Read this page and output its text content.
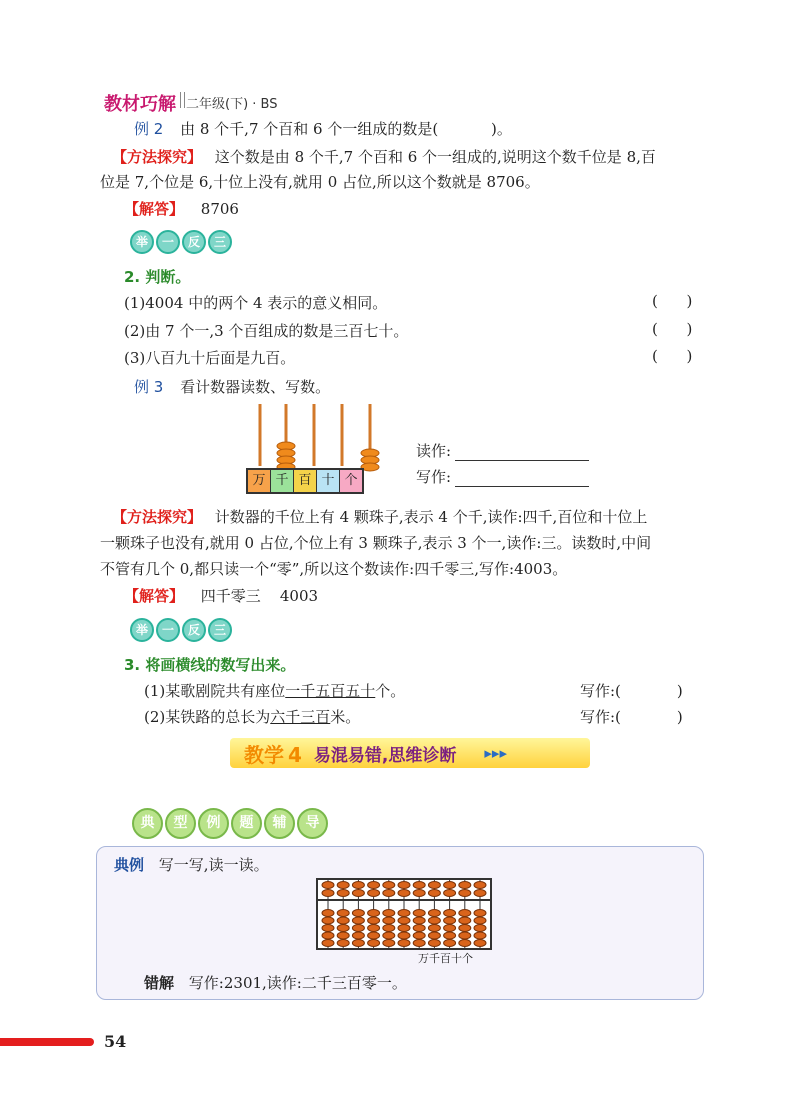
教材巧解 二年级(下) · BS
例 2 由 8 个千,7 个百和 6 个一组成的数是(	)。
【方法探究】 这个数是由 8 个千,7 个百和 6 个一组成的,说明这个数千位是 8,百
位是 7,个位是 6,十位上没有,就用 0 占位,所以这个数就是 8706。
【解答】 8706
举	一	反	三
2. 判断。
(1)4004 中的两个 4 表示的意义相同。	(      )
(2)由 7 个一,3 个百组成的数是三百七十。	(      )
(3)八百九十后面是九百。	(      )
例 3 看计数器读数、写数。
万 千 百 十 个
读作:
写作:
【方法探究】 计数器的千位上有 4 颗珠子,表示 4 个千,读作:四千,百位和十位上
一颗珠子也没有,就用 0 占位,个位上有 3 颗珠子,表示 3 个一,读作:三。读数时,中间
不管有几个 0,都只读一个“零”,所以这个数读作:四千零三,写作:4003。
【解答】 四千零三    4003
举	一	反	三
3. 将画横线的数写出来。
(1)某歌剧院共有座位一千五百五十个。	写作:(	)
(2)某铁路的总长为六千三百米。	写作:(	)
教学 4 易混易错,思维诊断 ▸▸▸
典	型	例	题	辅	导
典例 写一写,读一读。
万千百十个
错解 写作:2301,读作:二千三百零一。
54
